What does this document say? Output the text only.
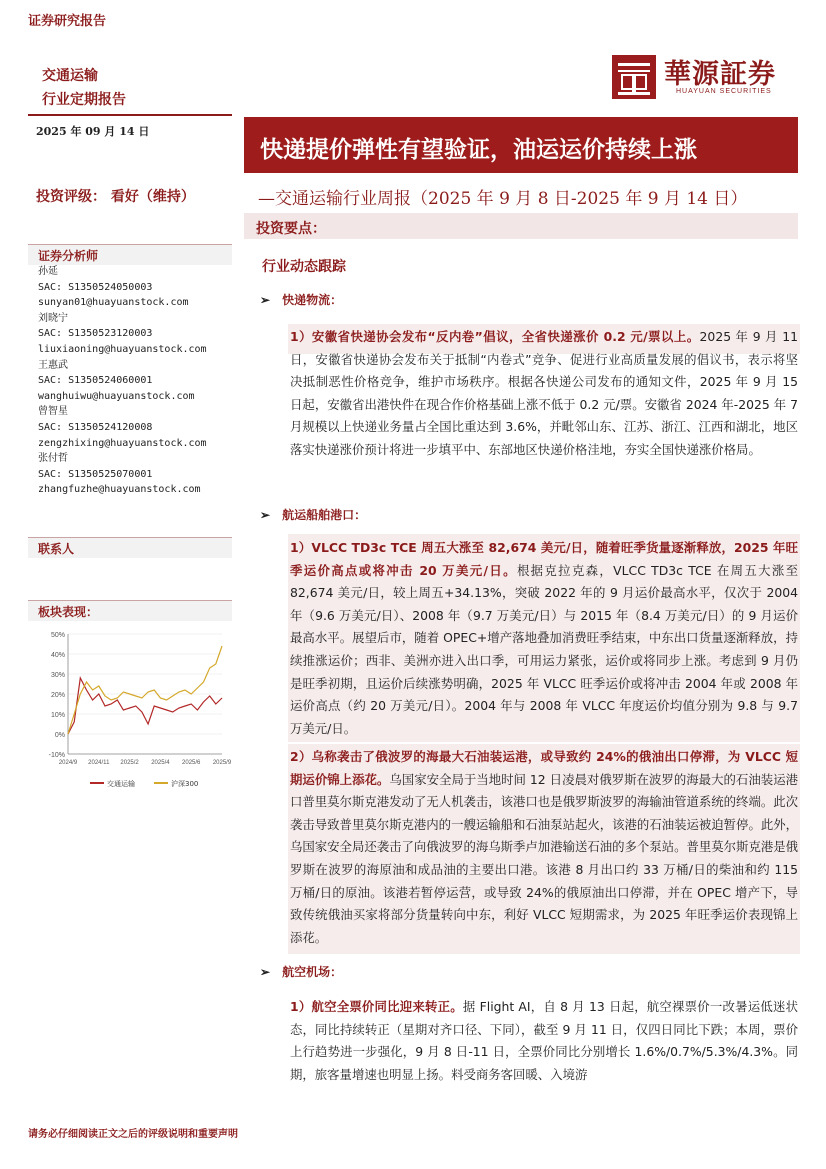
证券研究报告
交通运输
行业定期报告
華源証券
HUAYUAN SECURITIES
2025 年 09 月 14 日
快递提价弹性有望验证，油运运价持续上涨
—交通运输行业周报（2025 年 9 月 8 日-2025 年 9 月 14 日）
投资评级： 看好（维持）
投资要点：
证券分析师
孙延
SAC: S1350524050003
sunyan01@huayuanstock.com
刘晓宁
SAC: S1350523120003
liuxiaoning@huayuanstock.com
王惠武
SAC: S1350524060001
wanghuiwu@huayuanstock.com
曾智星
SAC: S1350524120008
zengzhixing@huayuanstock.com
张付哲
SAC: S1350525070001
zhangfuzhe@huayuanstock.com
联系人
板块表现：
-10%
0%
10%
20%
30%
40%
50%
2024/9 2024/11 2025/2 2025/4 2025/6 2025/9
交通运输	沪深300
行业动态跟踪
➢ 快递物流：
1）安徽省快递协会发布“反内卷”倡议，全省快递涨价 0.2 元/票以上。2025 年 9 月 11 日，安徽省快递协会发布关于抵制“内卷式”竞争、促进行业高质量发展的倡议书，表示将坚决抵制恶性价格竞争，维护市场秩序。根据各快递公司发布的通知文件，2025 年 9 月 15 日起，安徽省出港快件在现合作价格基础上涨不低于 0.2 元/票。安徽省 2024 年-2025 年 7 月规模以上快递业务量占全国比重达到 3.6%，并毗邻山东、江苏、浙江、江西和湖北，地区落实快递涨价预计将进一步填平中、东部地区快递价格洼地，夯实全国快递涨价格局。
➢ 航运船舶港口：
1）VLCC TD3c TCE 周五大涨至 82,674 美元/日，随着旺季货量逐渐释放，2025 年旺季运价高点或将冲击 20 万美元/日。根据克拉克森，VLCC TD3c TCE 在周五大涨至 82,674 美元/日，较上周五+34.13%，突破 2022 年的 9 月运价最高水平，仅次于 2004 年（9.6 万美元/日）、2008 年（9.7 万美元/日）与 2015 年（8.4 万美元/日）的 9 月运价最高水平。展望后市，随着 OPEC+增产落地叠加消费旺季结束，中东出口货量逐渐释放，持续推涨运价；西非、美洲亦进入出口季，可用运力紧张，运价或将同步上涨。考虑到 9 月仍是旺季初期，且运价后续涨势明确，2025 年 VLCC 旺季运价或将冲击 2004 年或 2008 年运价高点（约 20 万美元/日）。2004 年与 2008 年 VLCC 年度运价均值分别为 9.8 与 9.7 万美元/日。
2）乌称袭击了俄波罗的海最大石油装运港，或导致约 24%的俄油出口停滞，为 VLCC 短期运价锦上添花。乌国家安全局于当地时间 12 日凌晨对俄罗斯在波罗的海最大的石油装运港口普里莫尔斯克港发动了无人机袭击，该港口也是俄罗斯波罗的海输油管道系统的终端。此次袭击导致普里莫尔斯克港内的一艘运输船和石油泵站起火，该港的石油装运被迫暂停。此外，乌国家安全局还袭击了向俄波罗的海乌斯季卢加港输送石油的多个泵站。普里莫尔斯克港是俄罗斯在波罗的海原油和成品油的主要出口港。该港 8 月出口约 33 万桶/日的柴油和约 115 万桶/日的原油。该港若暂停运营，或导致 24%的俄原油出口停滞，并在 OPEC 增产下，导致传统俄油买家将部分货量转向中东，利好 VLCC 短期需求，为 2025 年旺季运价表现锦上添花。
➢ 航空机场：
1）航空全票价同比迎来转正。据 Flight AI，自 8 月 13 日起，航空裸票价一改暑运低迷状态，同比持续转正（星期对齐口径、下同），截至 9 月 11 日，仅四日同比下跌；本周，票价上行趋势进一步强化，9 月 8 日-11 日，全票价同比分别增长 1.6%/0.7%/5.3%/4.3%。同期，旅客量增速也明显上扬。料受商务客回暖、入境游
请务必仔细阅读正文之后的评级说明和重要声明
